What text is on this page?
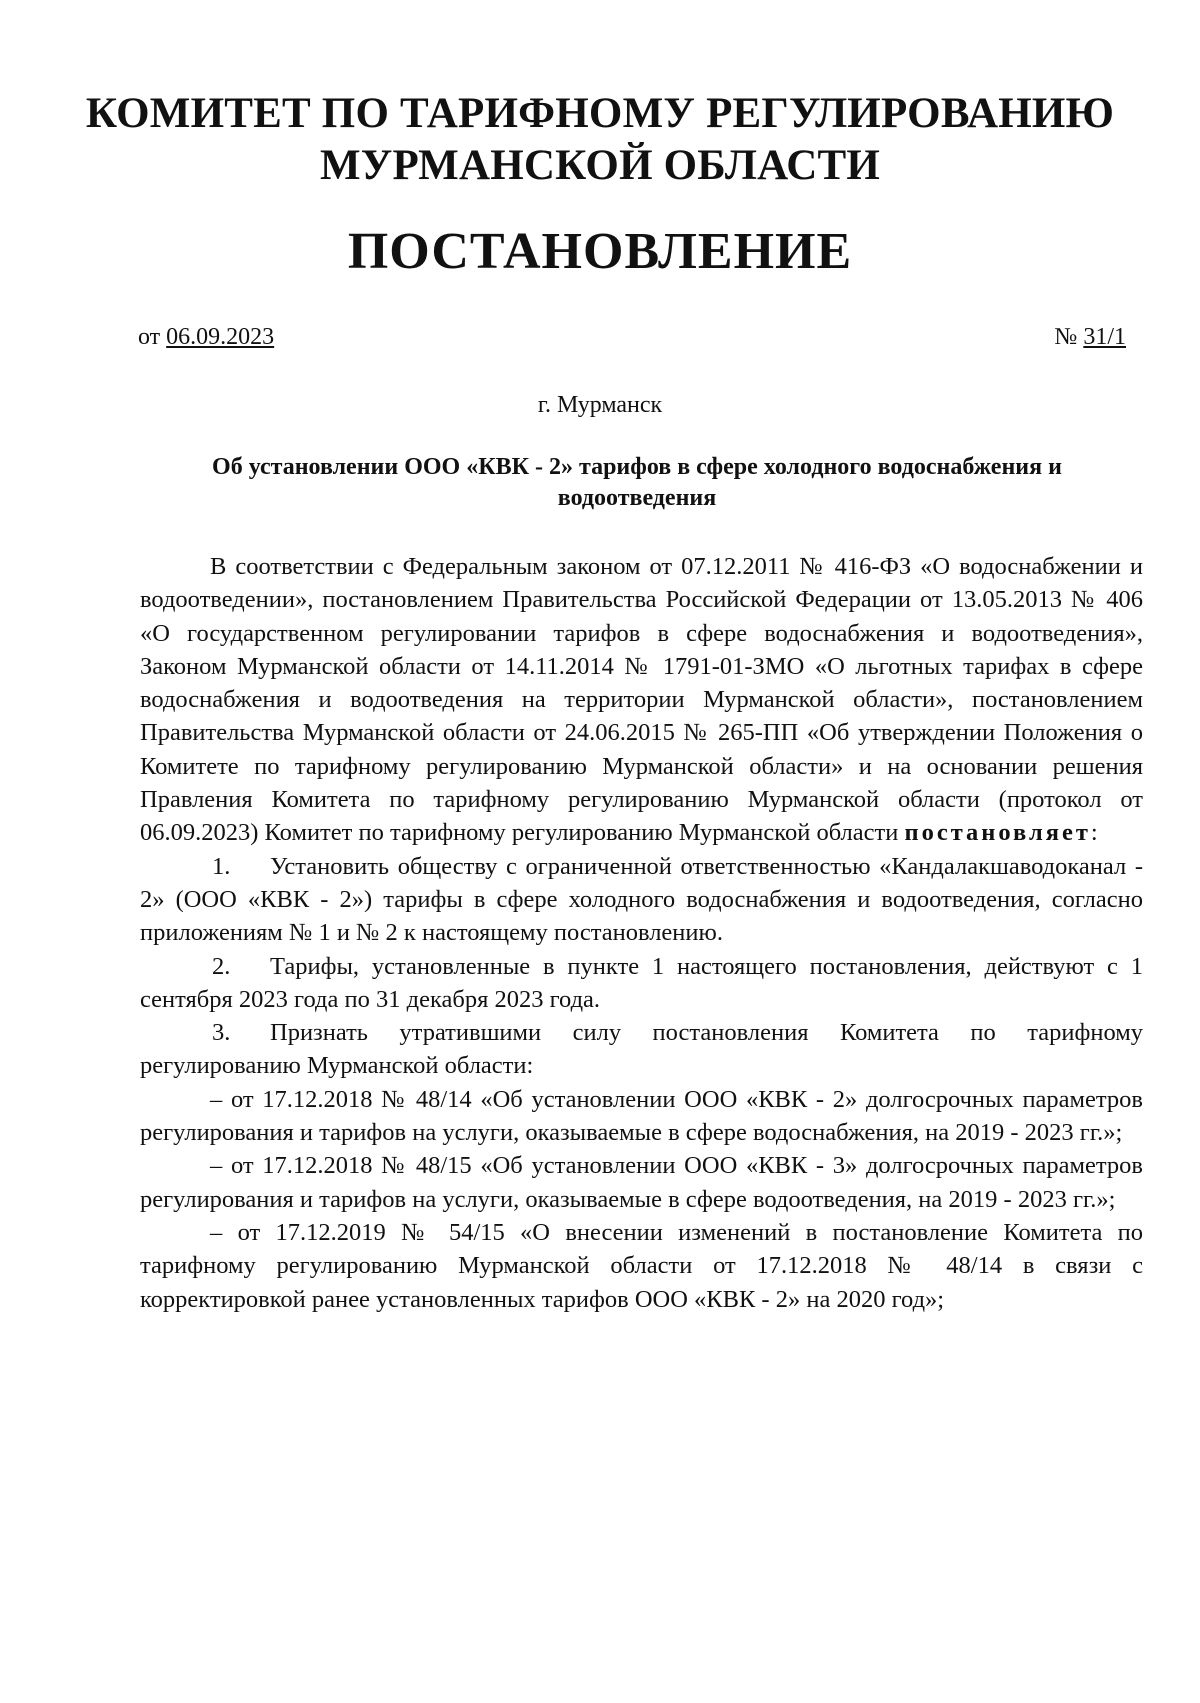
КОМИТЕТ ПО ТАРИФНОМУ РЕГУЛИРОВАНИЮ
МУРМАНСКОЙ ОБЛАСТИ
ПОСТАНОВЛЕНИЕ
от 06.09.2023	№ 31/1
г. Мурманск
Об установлении ООО «КВК - 2» тарифов в сфере холодного водоснабжения и водоотведения

В соответствии с Федеральным законом от 07.12.2011 № 416-ФЗ «О водоснабжении и водоотведении», постановлением Правительства Российской Федерации от 13.05.2013 № 406 «О государственном регулировании тарифов в сфере водоснабжения и водоотведения», Законом Мурманской области от 14.11.2014 № 1791-01-ЗМО «О льготных тарифах в сфере водоснабжения и водоотведения на территории Мурманской области», постановлением Правительства Мурманской области от 24.06.2015 № 265-ПП «Об утверждении Положения о Комитете по тарифному регулированию Мурманской области» и на основании решения Правления Комитета по тарифному регулированию Мурманской области (протокол от 06.09.2023) Комитет по тарифному регулированию Мурманской области постановляет:

1. Установить обществу с ограниченной ответственностью «Кандалакшаводоканал - 2» (ООО «КВК - 2») тарифы в сфере холодного водоснабжения и водоотведения, согласно приложениям № 1 и № 2 к настоящему постановлению.

2. Тарифы, установленные в пункте 1 настоящего постановления, действуют с 1 сентября 2023 года по 31 декабря 2023 года.

3. Признать утратившими силу постановления Комитета по тарифному регулированию Мурманской области:

– от 17.12.2018 № 48/14 «Об установлении ООО «КВК - 2» долгосрочных параметров регулирования и тарифов на услуги, оказываемые в сфере водоснабжения, на 2019 - 2023 гг.»;

– от 17.12.2018 № 48/15 «Об установлении ООО «КВК - 3» долгосрочных параметров регулирования и тарифов на услуги, оказываемые в сфере водоотведения, на 2019 - 2023 гг.»;

– от 17.12.2019 № 54/15 «О внесении изменений в постановление Комитета по тарифному регулированию Мурманской области от 17.12.2018 № 48/14 в связи с корректировкой ранее установленных тарифов ООО «КВК - 2» на 2020 год»;
